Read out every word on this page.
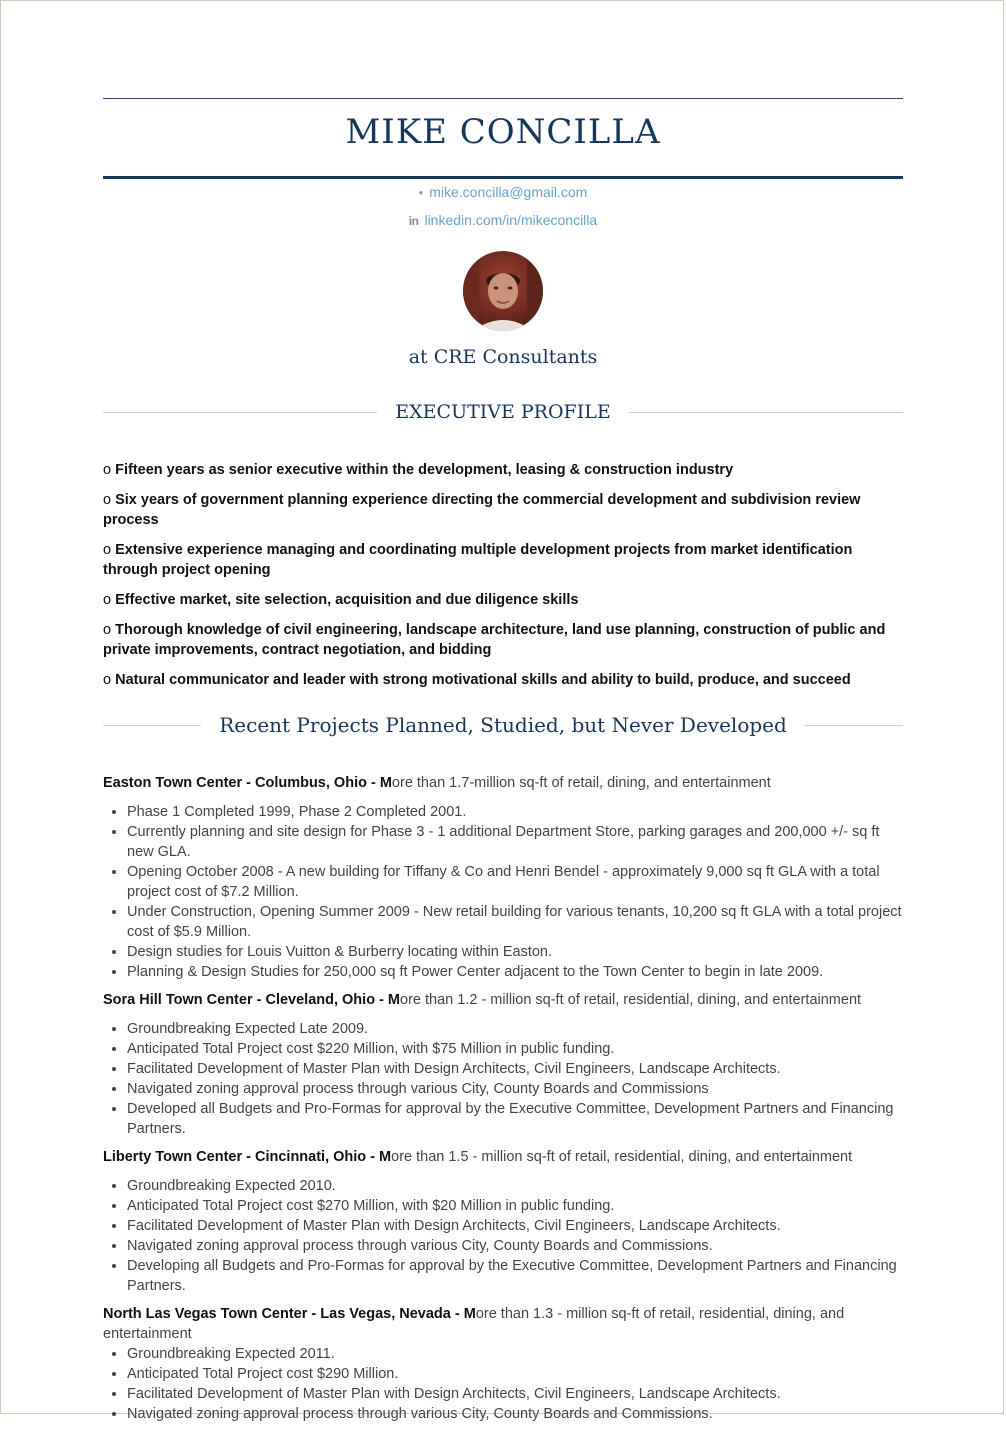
MIKE CONCILLA
• mike.concilla@gmail.com
in linkedin.com/in/mikeconcilla
at CRE Consultants
EXECUTIVE PROFILE

o Fifteen years as senior executive within the development, leasing & construction industry

o Six years of government planning experience directing the commercial development and subdivision review process

o Extensive experience managing and coordinating multiple development projects from market identification through project opening

o Effective market, site selection, acquisition and due diligence skills

o Thorough knowledge of civil engineering, landscape architecture, land use planning, construction of public and private improvements, contract negotiation, and bidding

o Natural communicator and leader with strong motivational skills and ability to build, produce, and succeed

Recent Projects Planned, Studied, but Never Developed
Easton Town Center - Columbus, Ohio - More than 1.7-million sq-ft of retail, dining, and entertainment
• Phase 1 Completed 1999, Phase 2 Completed 2001.
• Currently planning and site design for Phase 3 - 1 additional Department Store, parking garages and 200,000 +/- sq ft new GLA.
• Opening October 2008 - A new building for Tiffany & Co and Henri Bendel - approximately 9,000 sq ft GLA with a total project cost of $7.2 Million.
• Under Construction, Opening Summer 2009 - New retail building for various tenants, 10,200 sq ft GLA with a total project cost of $5.9 Million.
• Design studies for Louis Vuitton & Burberry locating within Easton.
• Planning & Design Studies for 250,000 sq ft Power Center adjacent to the Town Center to begin in late 2009.
Sora Hill Town Center - Cleveland, Ohio - More than 1.2 - million sq-ft of retail, residential, dining, and entertainment
• Groundbreaking Expected Late 2009.
• Anticipated Total Project cost $220 Million, with $75 Million in public funding.
• Facilitated Development of Master Plan with Design Architects, Civil Engineers, Landscape Architects.
• Navigated zoning approval process through various City, County Boards and Commissions
• Developed all Budgets and Pro-Formas for approval by the Executive Committee, Development Partners and Financing Partners.
Liberty Town Center - Cincinnati, Ohio - More than 1.5 - million sq-ft of retail, residential, dining, and entertainment
• Groundbreaking Expected 2010.
• Anticipated Total Project cost $270 Million, with $20 Million in public funding.
• Facilitated Development of Master Plan with Design Architects, Civil Engineers, Landscape Architects.
• Navigated zoning approval process through various City, County Boards and Commissions.
• Developing all Budgets and Pro-Formas for approval by the Executive Committee, Development Partners and Financing Partners.
North Las Vegas Town Center - Las Vegas, Nevada - More than 1.3 - million sq-ft of retail, residential, dining, and entertainment
• Groundbreaking Expected 2011.
• Anticipated Total Project cost $290 Million.
• Facilitated Development of Master Plan with Design Architects, Civil Engineers, Landscape Architects.
• Navigated zoning approval process through various City, County Boards and Commissions.
